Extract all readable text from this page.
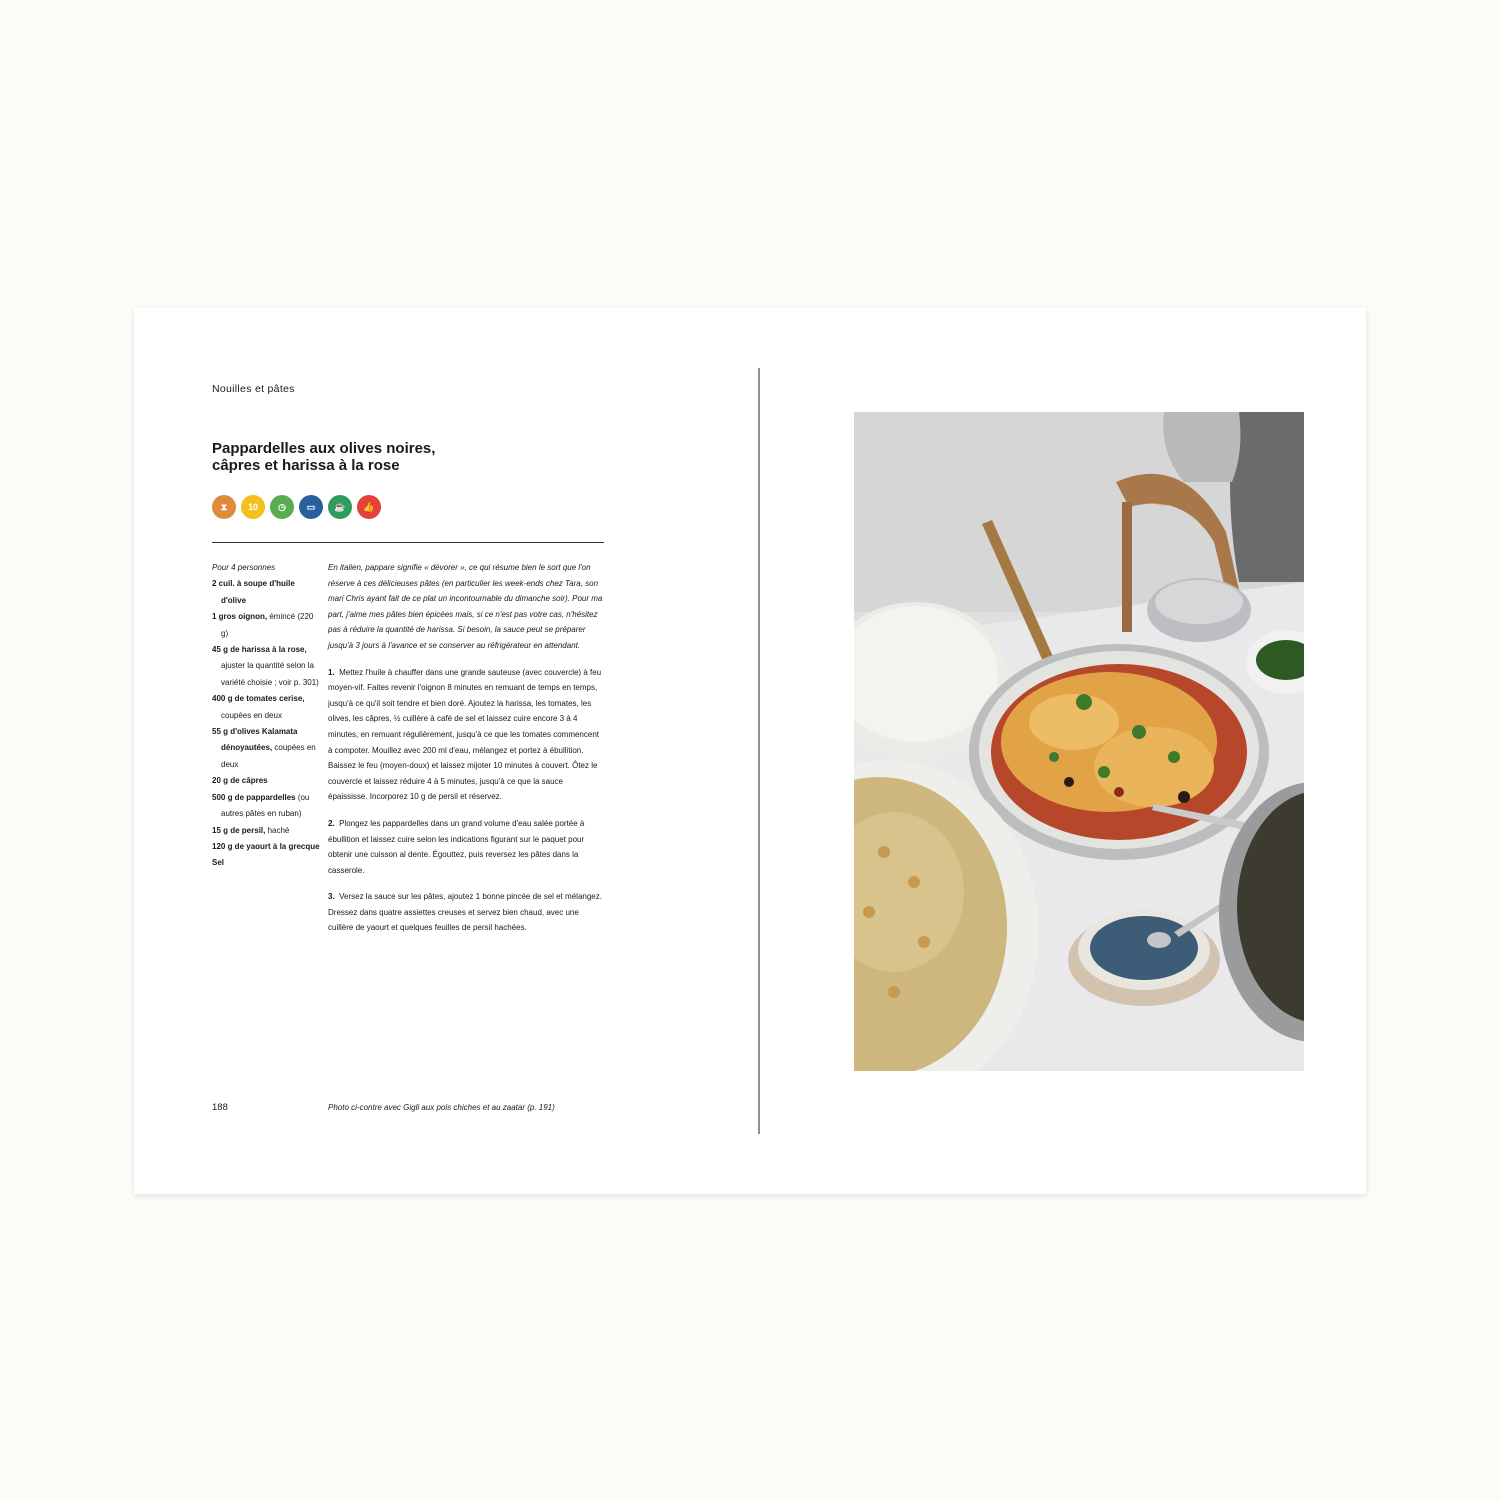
Nouilles et pâtes
Pappardelles aux olives noires,
câpres et harissa à la rose
⧗ 10 ◷ ▭ ☕ 👍
Pour 4 personnes
2 cuil. à soupe d'huile d'olive
1 gros oignon, émincé (220 g)
45 g de harissa à la rose, ajuster la quantité selon la variété choisie ; voir p. 301)
400 g de tomates cerise, coupées en deux
55 g d'olives Kalamata dénoyautées, coupées en deux
20 g de câpres
500 g de pappardelles (ou autres pâtes en ruban)
15 g de persil, haché
120 g de yaourt à la grecque
Sel

En italien, pappare signifie « dévorer », ce qui résume bien le sort que l'on réserve à ces délicieuses pâtes (en particulier les week-ends chez Tara, son mari Chris ayant fait de ce plat un incontournable du dimanche soir). Pour ma part, j'aime mes pâtes bien épicées mais, si ce n'est pas votre cas, n'hésitez pas à réduire la quantité de harissa. Si besoin, la sauce peut se préparer jusqu'à 3 jours à l'avance et se conserver au réfrigérateur en attendant.

1. Mettez l'huile à chauffer dans une grande sauteuse (avec couvercle) à feu moyen-vif. Faites revenir l'oignon 8 minutes en remuant de temps en temps, jusqu'à ce qu'il soit tendre et bien doré. Ajoutez la harissa, les tomates, les olives, les câpres, ½ cuillère à café de sel et laissez cuire encore 3 à 4 minutes, en remuant régulièrement, jusqu'à ce que les tomates commencent à compoter. Mouillez avec 200 ml d'eau, mélangez et portez à ébullition. Baissez le feu (moyen-doux) et laissez mijoter 10 minutes à couvert. Ôtez le couvercle et laissez réduire 4 à 5 minutes, jusqu'à ce que la sauce épaississe. Incorporez 10 g de persil et réservez.

2. Plongez les pappardelles dans un grand volume d'eau salée portée à ébullition et laissez cuire selon les indications figurant sur le paquet pour obtenir une cuisson al dente. Égouttez, puis reversez les pâtes dans la casserole.

3. Versez la sauce sur les pâtes, ajoutez 1 bonne pincée de sel et mélangez. Dressez dans quatre assiettes creuses et servez bien chaud, avec une cuillère de yaourt et quelques feuilles de persil hachées.

188	Photo ci-contre avec Gigli aux pois chiches et au zaatar (p. 191)
